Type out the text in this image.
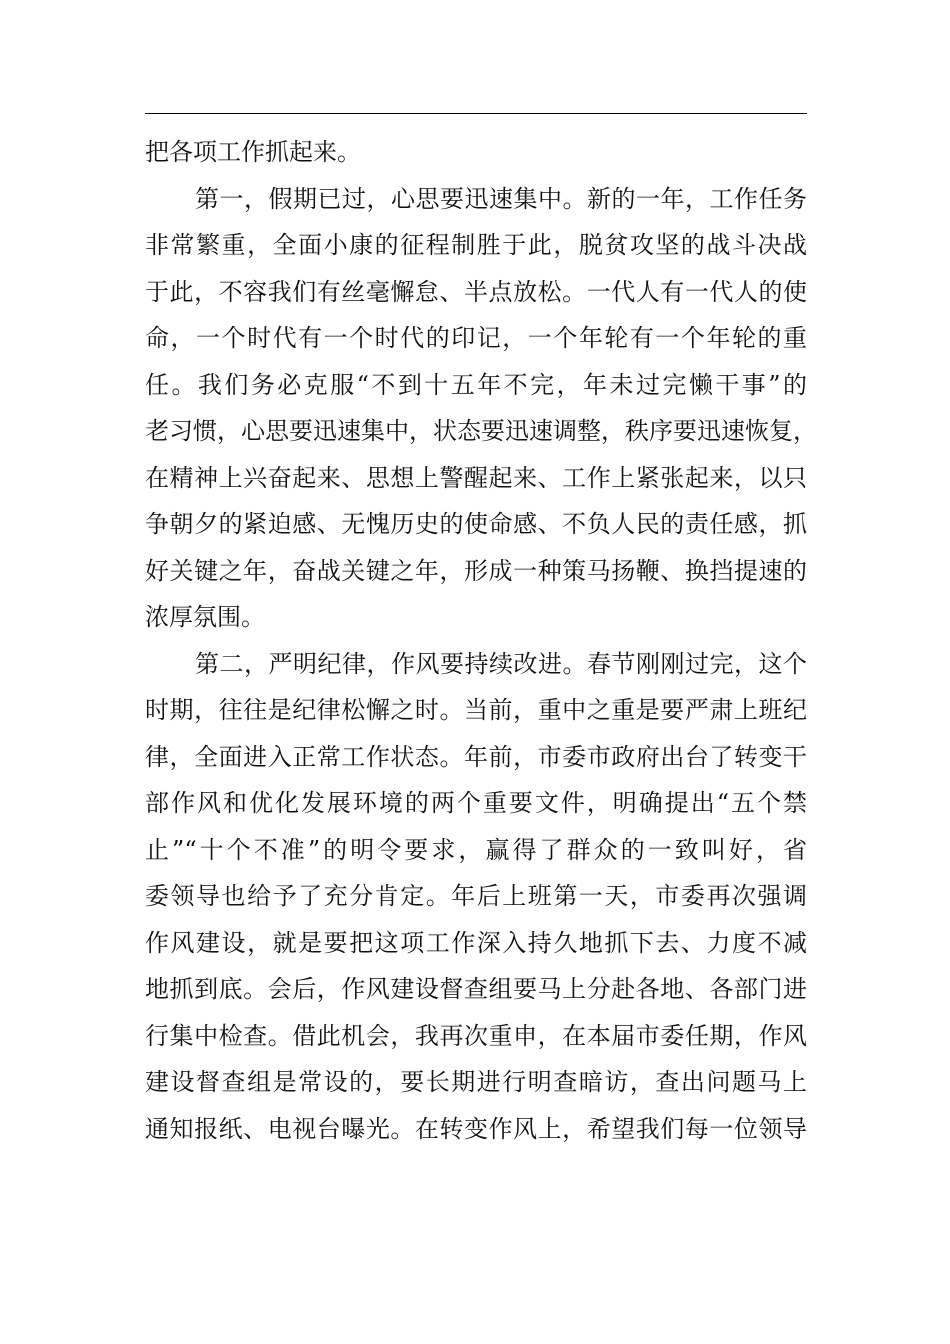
把各项工作抓起来。
第一，假期已过，心思要迅速集中。新的一年，工作任务
非常繁重，全面小康的征程制胜于此，脱贫攻坚的战斗决战
于此，不容我们有丝毫懈怠、半点放松。一代人有一代人的使
命，一个时代有一个时代的印记，一个年轮有一个年轮的重
任。我们务必克服“不到十五年不完，年未过完懒干事”的
老习惯，心思要迅速集中，状态要迅速调整，秩序要迅速恢复，
在精神上兴奋起来、思想上警醒起来、工作上紧张起来，以只
争朝夕的紧迫感、无愧历史的使命感、不负人民的责任感，抓
好关键之年，奋战关键之年，形成一种策马扬鞭、换挡提速的
浓厚氛围。
第二，严明纪律，作风要持续改进。春节刚刚过完，这个
时期，往往是纪律松懈之时。当前，重中之重是要严肃上班纪
律，全面进入正常工作状态。年前，市委市政府出台了转变干
部作风和优化发展环境的两个重要文件，明确提出“五个禁
止”“十个不准”的明令要求，赢得了群众的一致叫好，省
委领导也给予了充分肯定。年后上班第一天，市委再次强调
作风建设，就是要把这项工作深入持久地抓下去、力度不减
地抓到底。会后，作风建设督查组要马上分赴各地、各部门进
行集中检查。借此机会，我再次重申，在本届市委任期，作风
建设督查组是常设的，要长期进行明查暗访，查出问题马上
通知报纸、电视台曝光。在转变作风上，希望我们每一位领导
